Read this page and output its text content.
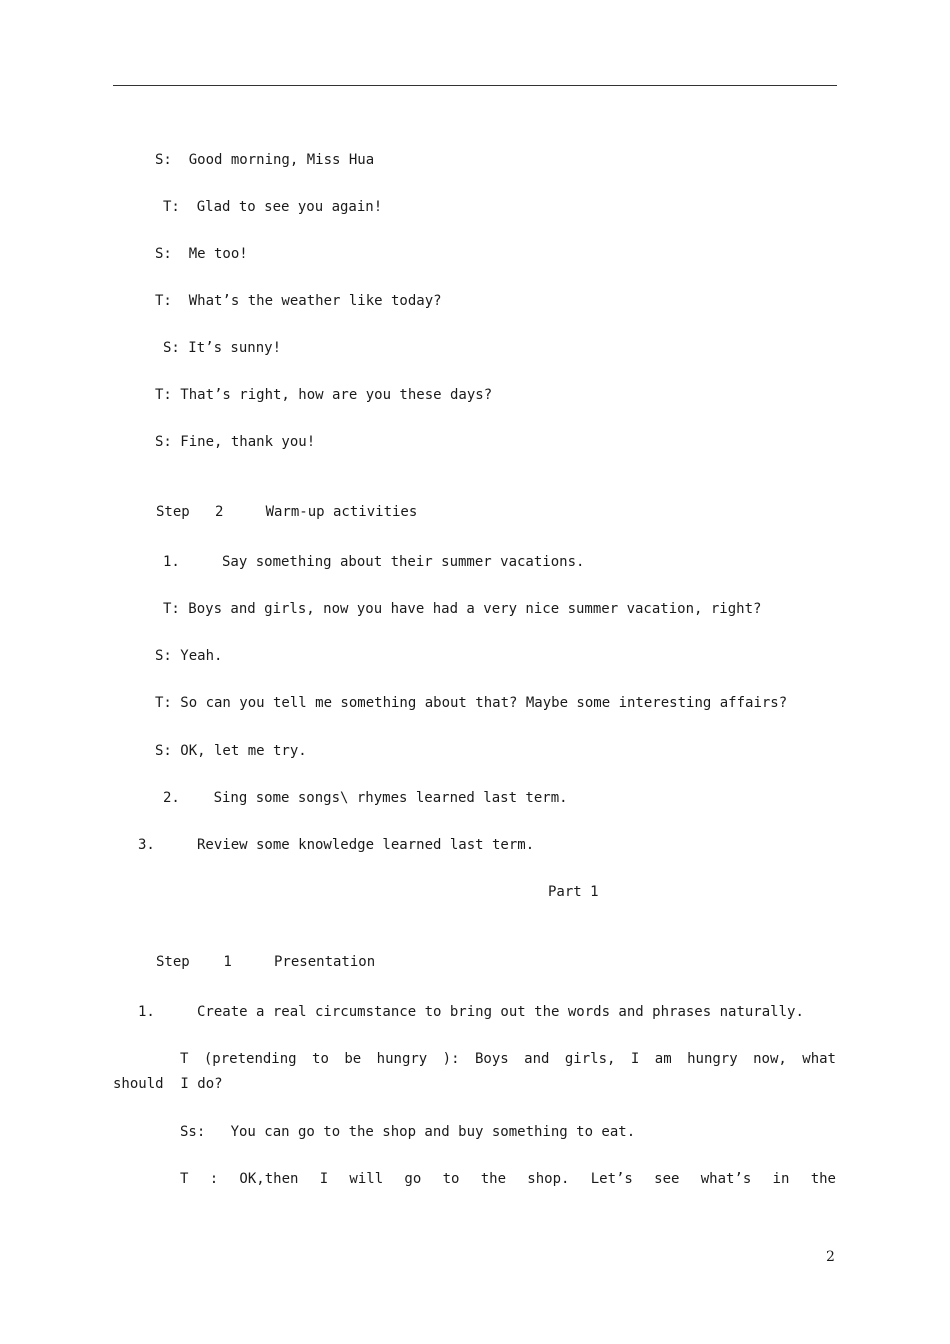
S:  Good morning, Miss Hua
T:  Glad to see you again!
S:  Me too!
T:  What’s the weather like today?
S: It’s sunny!
T: That’s right, how are you these days?
S: Fine, thank you!
Step   2     Warm-up activities
1.     Say something about their summer vacations.
T: Boys and girls, now you have had a very nice summer vacation, right?
S: Yeah.
T: So can you tell me something about that? Maybe some interesting affairs?
S: OK, let me try.
2.    Sing some songs\ rhymes learned last term.
3.     Review some knowledge learned last term.
Part 1
Step    1     Presentation
1.     Create a real circumstance to bring out the words and phrases naturally.
T (pretending to be hungry ): Boys and girls, I am hungry now, what
should  I do?
Ss:   You can go to the shop and buy something to eat.
T : OK,then I will go to the shop. Let’s see what’s in the
2
